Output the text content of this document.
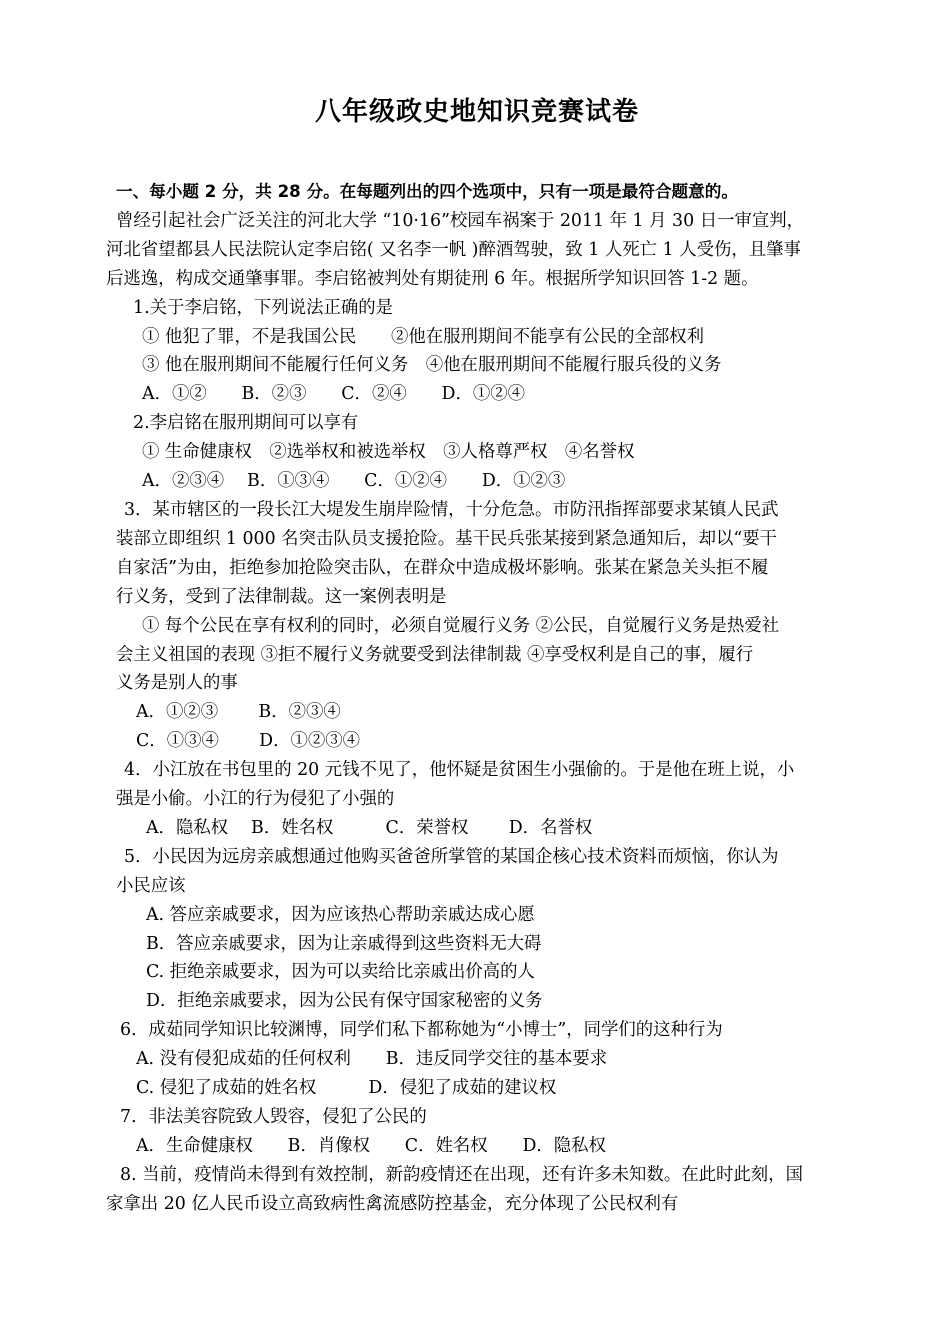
八年级政史地知识竞赛试卷

一、每小题 2 分，共 28 分。在每题列出的四个选项中，只有一项是最符合题意的。

曾经引起社会广泛关注的河北大学 “10·16”校园车祸案于 2011 年 1 月 30 日一审宣判，

河北省望都县人民法院认定李启铭( 又名李一帆 )醉酒驾驶，致 1 人死亡 1 人受伤，且肇事

后逃逸，构成交通肇事罪。李启铭被判处有期徒刑 6 年。根据所学知识回答 1-2 题。

1.关于李启铭，下列说法正确的是

① 他犯了罪，不是我国公民　　②他在服刑期间不能享有公民的全部权利

③ 他在服刑期间不能履行任何义务　④他在服刑期间不能履行服兵役的义务

A．①②　　B．②③　　C．②④　　D．①②④

2.李启铭在服刑期间可以享有

① 生命健康权　②选举权和被选举权　③人格尊严权　④名誉权

A．②③④　 B．①③④　　C．①②④　　D．①②③

3．某市辖区的一段长江大堤发生崩岸险情，十分危急。市防汛指挥部要求某镇人民武

装部立即组织 1 000 名突击队员支援抢险。基干民兵张某接到紧急通知后，却以“要干

自家活”为由，拒绝参加抢险突击队，在群众中造成极坏影响。张某在紧急关头拒不履

行义务，受到了法律制裁。这一案例表明是

① 每个公民在享有权利的同时，必须自觉履行义务 ②公民，自觉履行义务是热爱社

会主义祖国的表现 ③拒不履行义务就要受到法律制裁 ④享受权利是自己的事，履行

义务是别人的事

A．①②③　　 B．②③④

C．①③④　　 D．①②③④

4．小江放在书包里的 20 元钱不见了，他怀疑是贫困生小强偷的。于是他在班上说，小

强是小偷。小江的行为侵犯了小强的

A．隐私权　 B．姓名权　　　C．荣誉权　　 D．名誉权

5．小民因为远房亲戚想通过他购买爸爸所掌管的某国企核心技术资料而烦恼，你认为

小民应该

A. 答应亲戚要求，因为应该热心帮助亲戚达成心愿

B．答应亲戚要求，因为让亲戚得到这些资料无大碍

C. 拒绝亲戚要求，因为可以卖给比亲戚出价高的人

D．拒绝亲戚要求，因为公民有保守国家秘密的义务

6．成茹同学知识比较渊博，同学们私下都称她为“小博士”，同学们的这种行为

A. 没有侵犯成茹的任何权利　　B．违反同学交往的基本要求

C. 侵犯了成茹的姓名权　　　D．侵犯了成茹的建议权

7．非法美容院致人毁容，侵犯了公民的

A．生命健康权　　B．肖像权　　C．姓名权　　D．隐私权

8. 当前，疫情尚未得到有效控制，新韵疫情还在出现，还有许多未知数。在此时此刻，国

家拿出 20 亿人民币设立高致病性禽流感防控基金，充分体现了公民权利有
